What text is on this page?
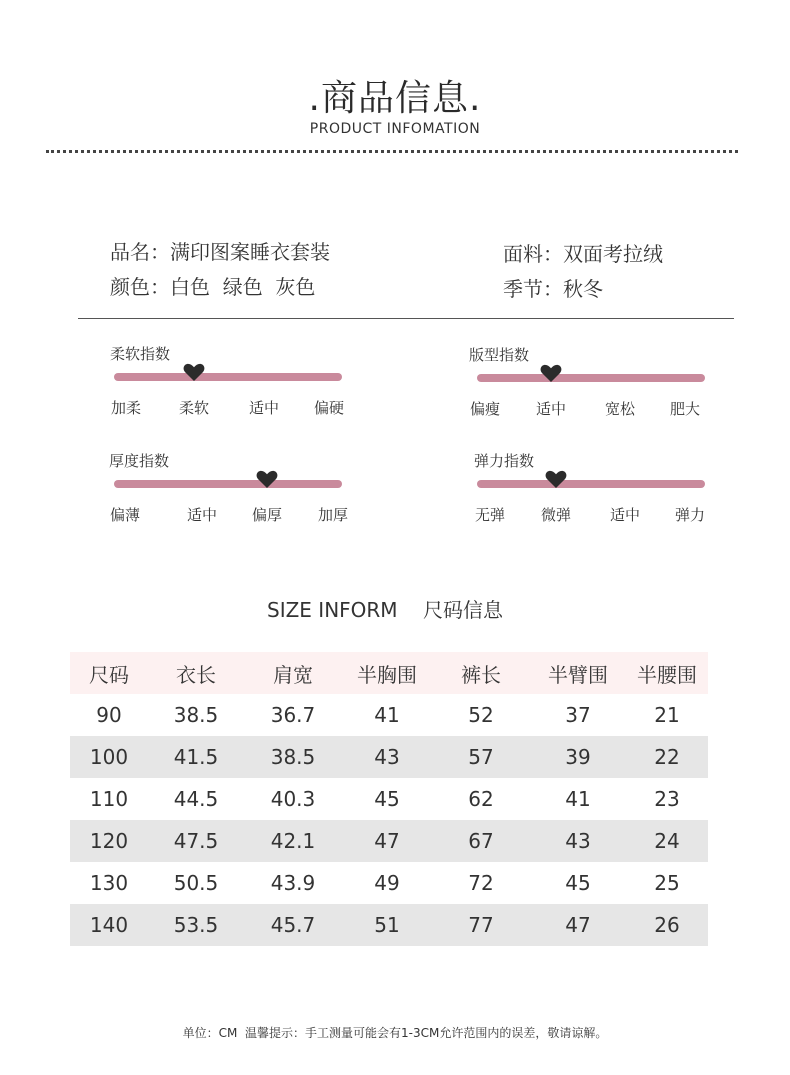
.商品信息.
PRODUCT INFOMATION
品名：满印图案睡衣套装
颜色：白色  绿色  灰色
面料：双面考拉绒
季节：秋冬
柔软指数
加柔	柔软	适中 偏硬
版型指数
偏瘦 适中	宽松 肥大
厚度指数
偏薄	适中 偏厚 加厚
弹力指数
无弹 微弹	适中 弹力
SIZE INFORM    尺码信息
尺码	衣长	肩宽	半胸围	裤长	半臂围	半腰围
90	38.5	36.7	41	52	37	21
100	41.5	38.5	43	57	39	22
110	44.5	40.3	45	62	41	23
120	47.5	42.1	47	67	43	24
130	50.5	43.9	49	72	45	25
140	53.5	45.7	51	77	47	26
单位：CM  温馨提示：手工测量可能会有1-3CM允许范围内的误差，敬请谅解。
